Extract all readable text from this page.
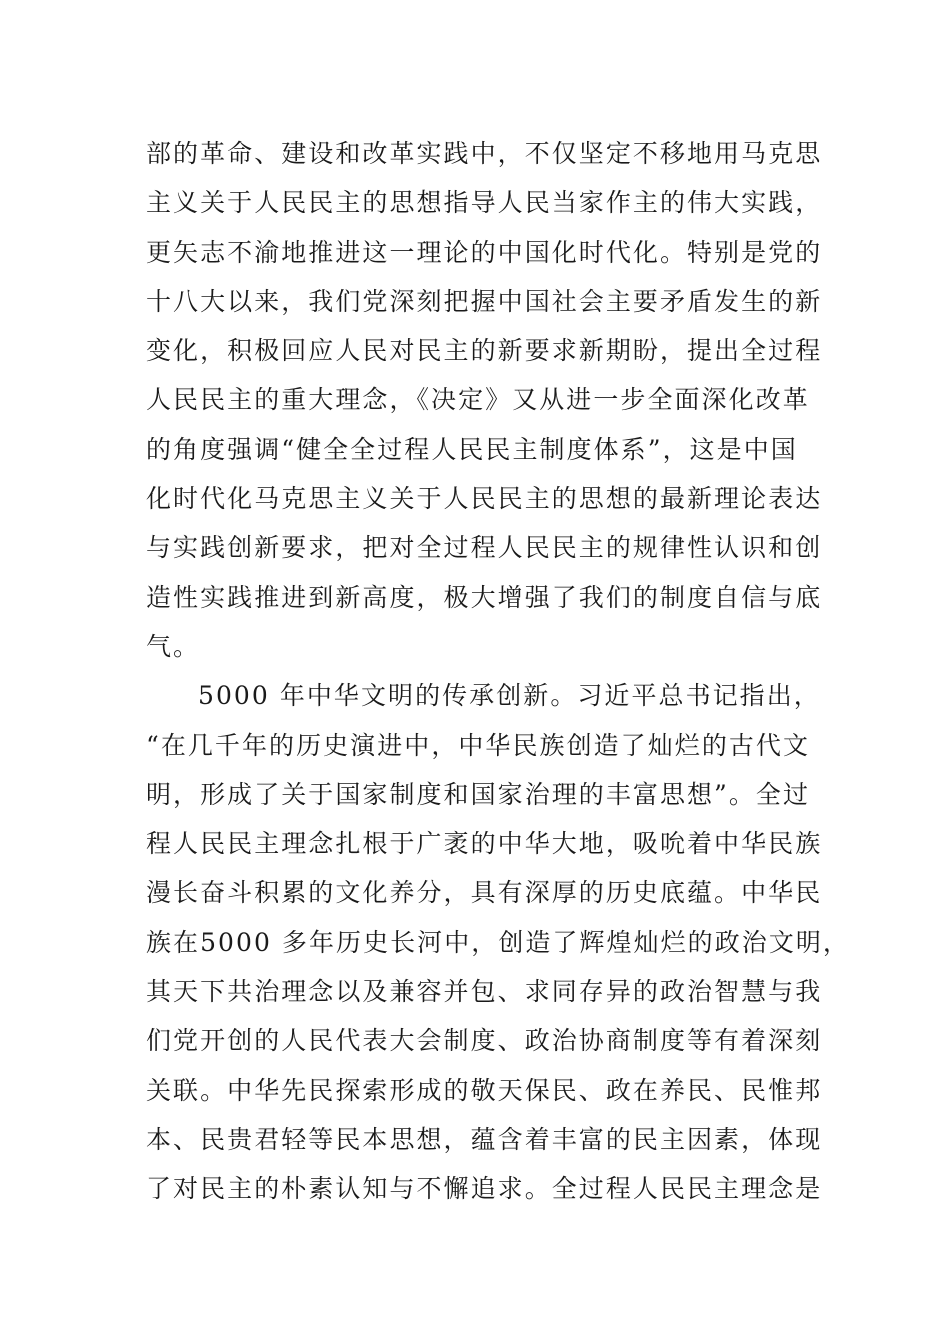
部的革命、建设和改革实践中，不仅坚定不移地用马克思
主义关于人民民主的思想指导人民当家作主的伟大实践，
更矢志不渝地推进这一理论的中国化时代化。特别是党的
十八大以来，我们党深刻把握中国社会主要矛盾发生的新
变化，积极回应人民对民主的新要求新期盼，提出全过程
人民民主的重大理念，《决定》又从进一步全面深化改革
的角度强调“健全全过程人民民主制度体系”，这是中国
化时代化马克思主义关于人民民主的思想的最新理论表达
与实践创新要求，把对全过程人民民主的规律性认识和创
造性实践推进到新高度，极大增强了我们的制度自信与底
气。
5000 年中华文明的传承创新。习近平总书记指出，
“在几千年的历史演进中，中华民族创造了灿烂的古代文
明，形成了关于国家制度和国家治理的丰富思想”。全过
程人民民主理念扎根于广袤的中华大地，吸吮着中华民族
漫长奋斗积累的文化养分，具有深厚的历史底蕴。中华民
族在5000 多年历史长河中，创造了辉煌灿烂的政治文明，
其天下共治理念以及兼容并包、求同存异的政治智慧与我
们党开创的人民代表大会制度、政治协商制度等有着深刻
关联。中华先民探索形成的敬天保民、政在养民、民惟邦
本、民贵君轻等民本思想，蕴含着丰富的民主因素，体现
了对民主的朴素认知与不懈追求。全过程人民民主理念是
